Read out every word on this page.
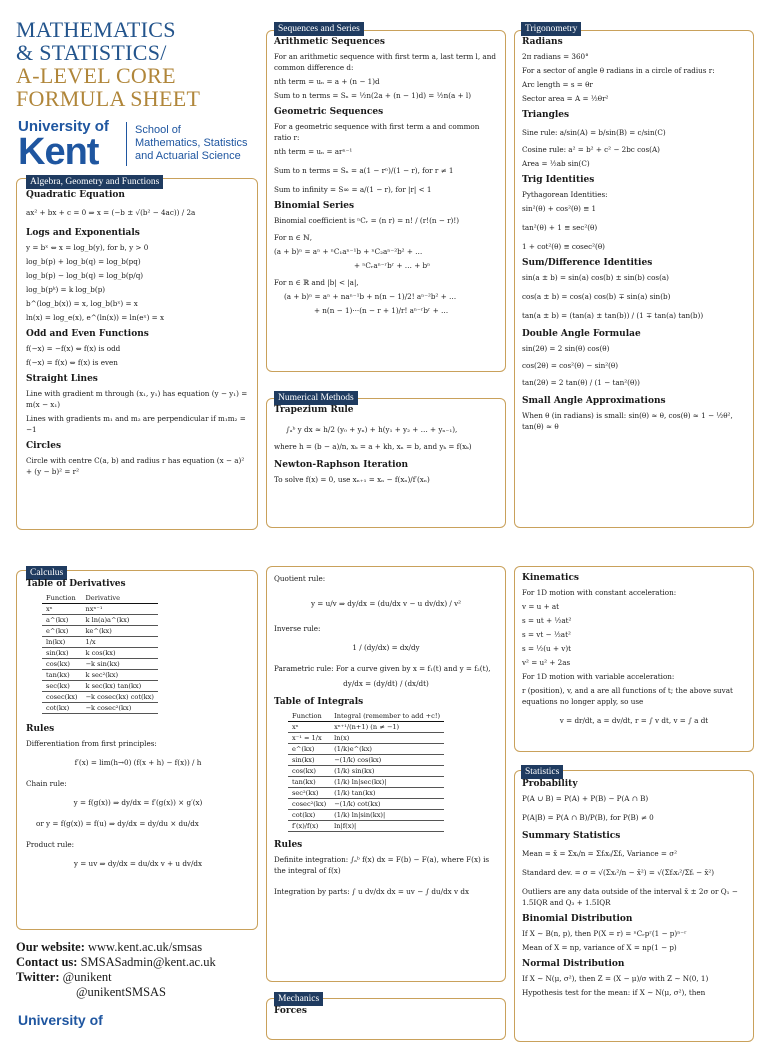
MATHEMATICS
& STATISTICS/
A-LEVEL CORE
FORMULA SHEET
University of
Kent
School of
Mathematics, Statistics
and Actuarial Science
Algebra, Geometry and Functions
Quadratic Equation

ax² + bx + c = 0 ⇒ x = (−b ± √(b² − 4ac)) / 2a

Logs and Exponentials

y = bˣ ⇔ x = log_b(y), for b, y > 0

log_b(p) + log_b(q) = log_b(pq)

log_b(p) − log_b(q) = log_b(p/q)

log_b(pᵏ) = k log_b(p)

b^(log_b(x)) = x, log_b(bˣ) = x

ln(x) = log_e(x), e^(ln(x)) = ln(eˣ) = x

Odd and Even Functions

f(−x) = −f(x) ⇔ f(x) is odd

f(−x) = f(x) ⇔ f(x) is even

Straight Lines

Line with gradient m through (x₁, y₁) has equation (y − y₁) = m(x − x₁)

Lines with gradients m₁ and m₂ are perpendicular if m₁m₂ = −1

Circles

Circle with centre C(a, b) and radius r has equation (x − a)² + (y − b)² = r²

Sequences and Series
Arithmetic Sequences

For an arithmetic sequence with first term a, last term l, and common difference d:

nth term = uₙ = a + (n − 1)d

Sum to n terms = Sₙ = ½n(2a + (n − 1)d) = ½n(a + l)

Geometric Sequences

For a geometric sequence with first term a and common ratio r:

nth term = uₙ = arⁿ⁻¹

Sum to n terms = Sₙ = a(1 − rⁿ)/(1 − r), for r ≠ 1

Sum to infinity = S∞ = a/(1 − r), for |r| < 1

Binomial Series

Binomial coefficient is ⁿCᵣ = (n r) = n! / (r!(n − r)!)

For n ∈ ℕ,

(a + b)ⁿ = aⁿ + ⁿC₁aⁿ⁻¹b + ⁿC₂aⁿ⁻²b² + …

+ ⁿCᵣaⁿ⁻ʳbʳ + … + bⁿ

For n ∈ ℝ and |b| < |a|,

(a + b)ⁿ = aⁿ + naⁿ⁻¹b + n(n − 1)/2! aⁿ⁻²b² + …

+ n(n − 1)···(n − r + 1)/r! aⁿ⁻ʳbʳ + …

Numerical Methods
Trapezium Rule

∫ₐᵇ y dx ≈ h/2 (y₀ + yₙ) + h(y₁ + y₂ + … + yₙ₋₁),

where h = (b − a)/n, xₖ = a + kh, xₙ = b, and yₖ = f(xₖ)

Newton-Raphson Iteration

To solve f(x) = 0, use xₙ₊₁ = xₙ − f(xₙ)/f′(xₙ)

Trigonometry
Radians

2π radians = 360°

For a sector of angle θ radians in a circle of radius r:

Arc length = s = θr

Sector area = A = ½θr²

Triangles

Sine rule: a/sin(A) = b/sin(B) = c/sin(C)

Cosine rule: a² = b² + c² − 2bc cos(A)

Area = ½ab sin(C)

Trig Identities

Pythagorean Identities:

sin²(θ) + cos²(θ) ≡ 1

tan²(θ) + 1 ≡ sec²(θ)

1 + cot²(θ) ≡ cosec²(θ)

Sum/Difference Identities

sin(a ± b) = sin(a) cos(b) ± sin(b) cos(a)

cos(a ± b) = cos(a) cos(b) ∓ sin(a) sin(b)

tan(a ± b) = (tan(a) ± tan(b)) / (1 ∓ tan(a) tan(b))

Double Angle Formulae

sin(2θ) = 2 sin(θ) cos(θ)

cos(2θ) = cos²(θ) − sin²(θ)

tan(2θ) = 2 tan(θ) / (1 − tan²(θ))

Small Angle Approximations

When θ (in radians) is small: sin(θ) ≈ θ, cos(θ) ≈ 1 − ½θ², tan(θ) ≈ θ

Calculus
Table of Derivatives
Function	Derivative
xⁿ	nxⁿ⁻¹
a^(kx)	k ln(a)a^(kx)
e^(kx)	ke^(kx)
ln(kx)	1/x
sin(kx)	k cos(kx)
cos(kx)	−k sin(kx)
tan(kx)	k sec²(kx)
sec(kx)	k sec(kx) tan(kx)
cosec(kx)	−k cosec(kx) cot(kx)
cot(kx)	−k cosec²(kx)
Rules

Differentiation from first principles:

f′(x) = lim(h→0) (f(x + h) − f(x)) / h

Chain rule:

y = f(g(x)) ⇒ dy/dx = f′(g(x)) × g′(x)

or y = f(g(x)) = f(u) ⇒ dy/dx = dy/du × du/dx

Product rule:

y = uv ⇒ dy/dx = du/dx v + u dv/dx

Quotient rule:

y = u/v ⇒ dy/dx = (du/dx v − u dv/dx) / v²

Inverse rule:

1 / (dy/dx) = dx/dy

Parametric rule: For a curve given by x = f₁(t) and y = f₂(t),

dy/dx = (dy/dt) / (dx/dt)

Table of Integrals
Function	Integral (remember to add +c!)
xⁿ	xⁿ⁺¹/(n+1) (n ≠ −1)
x⁻¹ = 1/x	ln(x)
e^(kx)	(1/k)e^(kx)
sin(kx)	−(1/k) cos(kx)
cos(kx)	(1/k) sin(kx)
tan(kx)	(1/k) ln|sec(kx)|
sec²(kx)	(1/k) tan(kx)
cosec²(kx)	−(1/k) cot(kx)
cot(kx)	(1/k) ln|sin(kx)|
f′(x)/f(x)	ln|f(x)|
Rules

Definite integration: ∫ₐᵇ f(x) dx = F(b) − F(a), where F(x) is the integral of f(x)

Integration by parts: ∫ u dv/dx dx = uv − ∫ du/dx v dx

Mechanics
Forces
Kinematics

For 1D motion with constant acceleration:

v = u + at

s = ut + ½at²

s = vt − ½at²

s = ½(u + v)t

v² = u² + 2as

For 1D motion with variable acceleration:

r (position), v, and a are all functions of t; the above suvat equations no longer apply, so use

v = dr/dt, a = dv/dt, r = ∫ v dt, v = ∫ a dt

Statistics
Probability

P(A ∪ B) = P(A) + P(B) − P(A ∩ B)

P(A|B) = P(A ∩ B)/P(B), for P(B) ≠ 0

Summary Statistics

Mean = x̄ = Σxᵢ/n = Σfᵢxᵢ/Σfᵢ, Variance = σ²

Standard dev. = σ = √(Σxᵢ²/n − x̄²) = √(Σfᵢxᵢ²/Σfᵢ − x̄²)

Outliers are any data outside of the interval x̄ ± 2σ or Q₁ − 1.5IQR and Q₃ + 1.5IQR

Binomial Distribution

If X ∼ B(n, p), then P(X = r) = ⁿCᵣpʳ(1 − p)ⁿ⁻ʳ

Mean of X = np, variance of X = np(1 − p)

Normal Distribution

If X ∼ N(μ, σ²), then Z = (X − μ)/σ with Z ∼ N(0, 1)

Hypothesis test for the mean: if X ∼ N(μ, σ²), then

Our website: www.kent.ac.uk/smsas
Contact us: SMSASadmin@kent.ac.uk
Twitter: @unikent
@unikentSMSAS
University of
